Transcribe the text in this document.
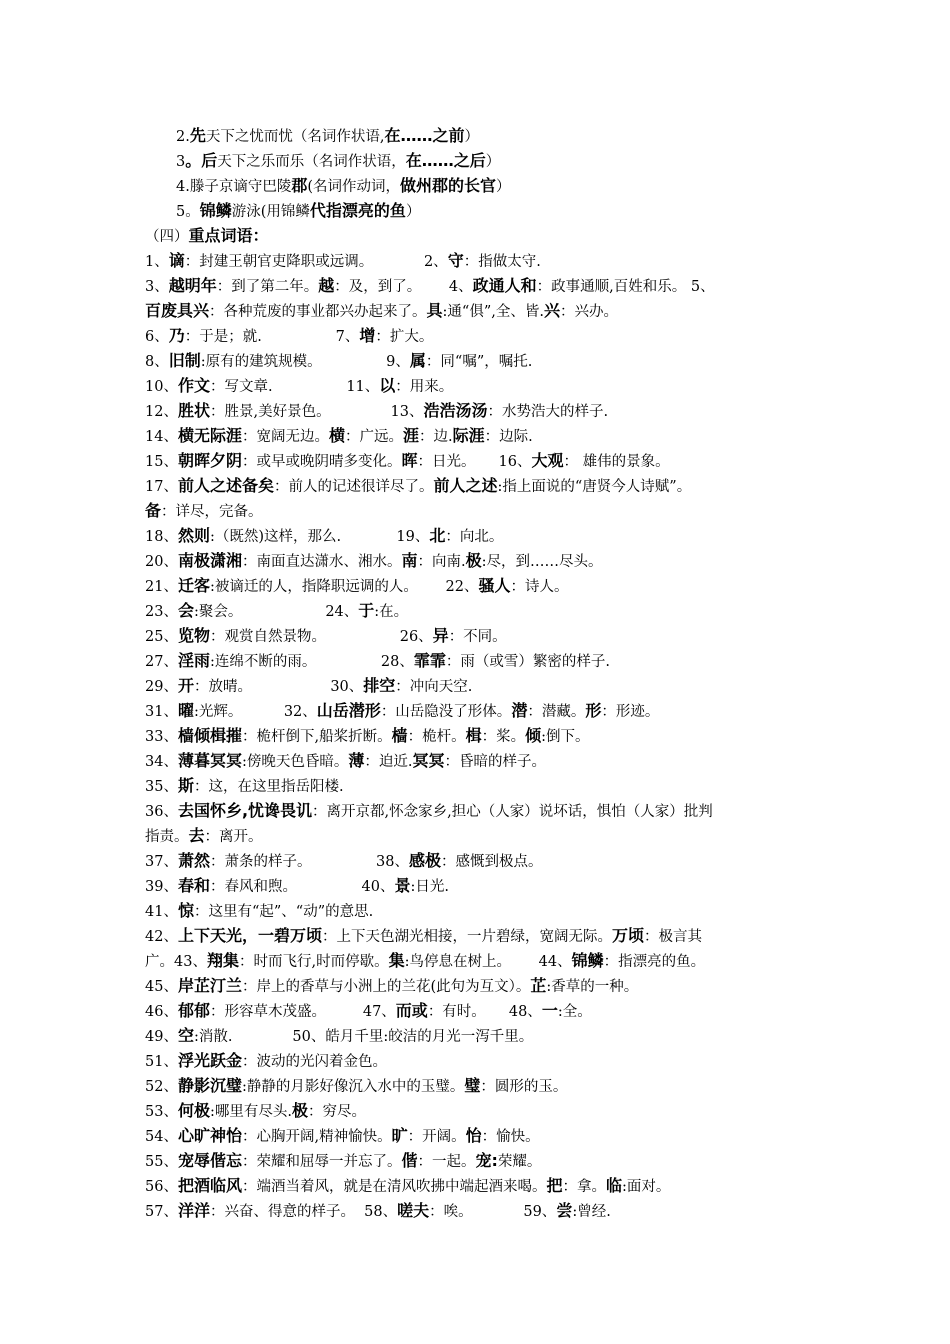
2.先天下之忧而忧（名词作状语,在……之前）
3。后天下之乐而乐（名词作状语，在……之后）
4.滕子京谪守巴陵郡(名词作动词，做州郡的长官）
5。锦鳞游泳(用锦鳞代指漂亮的鱼）
（四）重点词语：
1、谪：封建王朝官吏降职或远调。           2、守：指做太守.
3、越明年：到了第二年。越：及，到了。      4、政通人和：政事通顺,百姓和乐。 5、
百废具兴：各种荒废的事业都兴办起来了。具:通“俱”,全、皆.兴：兴办。
6、乃：于是；就.                7、增：扩大。
8、旧制:原有的建筑规模。              9、属：同“嘱”，嘱托.
10、作文：写文章.                11、以：用来。
12、胜状：胜景,美好景色。             13、浩浩汤汤：水势浩大的样子.
14、横无际涯：宽阔无边。横：广远。涯：边.际涯：边际.
15、朝晖夕阴：或早或晚阴晴多变化。晖：日光。     16、大观： 雄伟的景象。
17、前人之述备矣：前人的记述很详尽了。前人之述:指上面说的“唐贤今人诗赋”。
备：详尽，完备。
18、然则:（既然)这样，那么.            19、北：向北。
20、南极潇湘：南面直达潇水、湘水。南：向南.极:尽，到……尽头。
21、迁客:被谪迁的人，指降职远调的人。      22、骚人：诗人。
23、会:聚会。                  24、于:在。
25、览物：观赏自然景物。                26、异：不同。
27、淫雨:连绵不断的雨。              28、霏霏：雨（或雪）繁密的样子.
29、开：放晴。                 30、排空：冲向天空.
31、曜:光辉。         32、山岳潜形：山岳隐没了形体。潜：潜藏。形：形迹。
33、樯倾楫摧：桅杆倒下,船桨折断。樯：桅杆。楫：桨。倾:倒下。
34、薄暮冥冥:傍晚天色昏暗。薄：迫近.冥冥：昏暗的样子。
35、斯：这，在这里指岳阳楼.
36、去国怀乡,忧谗畏讥：离开京都,怀念家乡,担心（人家）说坏话，惧怕（人家）批判
指责。去：离开。
37、萧然：萧条的样子。              38、感极：感慨到极点。
39、春和：春风和煦。              40、景:日光.
41、惊：这里有“起”、“动”的意思.
42、上下天光，一碧万顷：上下天色湖光相接，一片碧绿，宽阔无际。万顷：极言其
广。43、翔集：时而飞行,时而停歇。集:鸟停息在树上。      44、锦鳞：指漂亮的鱼。
45、岸芷汀兰：岸上的香草与小洲上的兰花(此句为互文）。芷:香草的一种。
46、郁郁：形容草木茂盛。        47、而或：有时。     48、一:全。
49、空:消散.             50、皓月千里:皎洁的月光一泻千里。
51、浮光跃金：波动的光闪着金色。
52、静影沉璧:静静的月影好像沉入水中的玉璧。璧：圆形的玉。
53、何极:哪里有尽头.极：穷尽。
54、心旷神怡：心胸开阔,精神愉快。旷：开阔。怡：愉快。
55、宠辱偕忘：荣耀和屈辱一并忘了。偕：一起。宠:荣耀。
56、把酒临风：端酒当着风，就是在清风吹拂中端起酒来喝。把：拿。临:面对。
57、洋洋：兴奋、得意的样子。  58、嗟夫：唉。           59、尝:曾经.
